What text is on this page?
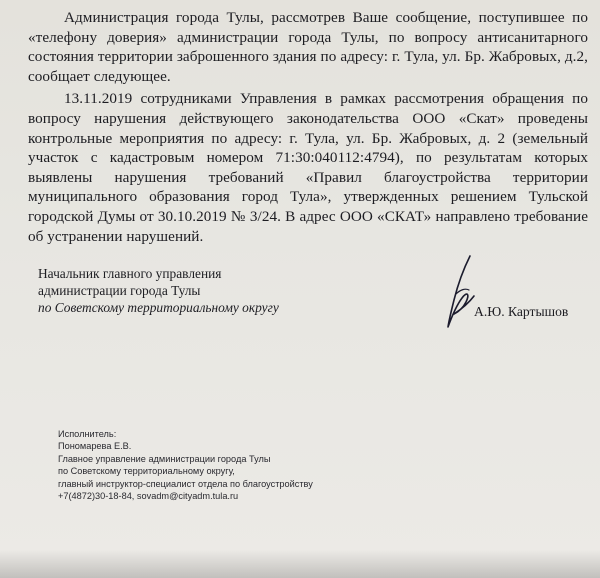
Администрация города Тулы, рассмотрев Ваше сообщение, поступившее по «телефону доверия» администрации города Тулы, по вопросу антисанитарного состояния территории заброшенного здания по адресу: г. Тула, ул. Бр. Жабровых, д.2, сообщает следующее.

13.11.2019 сотрудниками Управления в рамках рассмотрения обращения по вопросу нарушения действующего законодательства ООО «Скат» проведены контрольные мероприятия по адресу: г. Тула, ул. Бр. Жабровых, д. 2 (земельный участок с кадастровым номером 71:30:040112:4794), по результатам которых выявлены нарушения требований «Правил благоустройства территории муниципального образования город Тула», утвержденных решением Тульской городской Думы от 30.10.2019 № 3/24. В адрес ООО «СКАТ» направлено требование об устранении нарушений.

Начальник главного управления
администрации города Тулы
по Советскому территориальному округу	А.Ю. Картышов
Исполнитель:
Пономарева Е.В.
Главное управление администрации города Тулы
по Советскому территориальному округу,
главный инструктор-специалист отдела по благоустройству
+7(4872)30-18-84, sovadm@cityadm.tula.ru
